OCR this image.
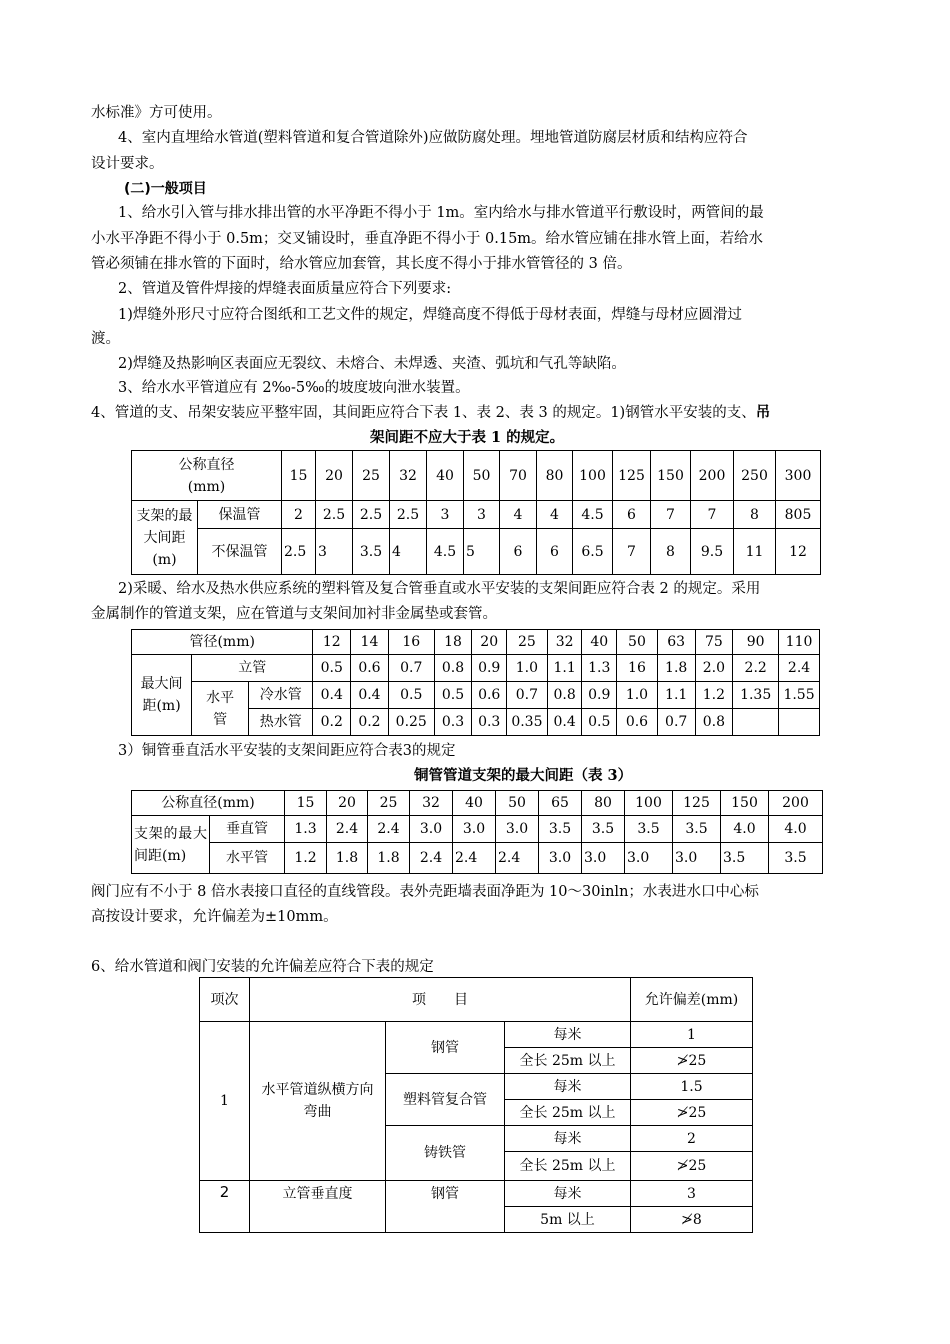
水标准》方可使用。
4、室内直埋给水管道(塑料管道和复合管道除外)应做防腐处理。埋地管道防腐层材质和结构应符合
设计要求。
(二)一般项目
1、给水引入管与排水排出管的水平净距不得小于 1m。室内给水与排水管道平行敷设时，两管间的最
小水平净距不得小于 0.5m；交叉铺设时，垂直净距不得小于 0.15m。给水管应铺在排水管上面，若给水
管必须铺在排水管的下面时，给水管应加套管，其长度不得小于排水管管径的 3 倍。
2、管道及管件焊接的焊缝表面质量应符合下列要求:
1)焊缝外形尺寸应符合图纸和工艺文件的规定，焊缝高度不得低于母材表面，焊缝与母材应圆滑过
渡。
2)焊缝及热影响区表面应无裂纹、未熔合、未焊透、夹渣、弧坑和气孔等缺陷。
3、给水水平管道应有 2‰-5‰的坡度坡向泄水装置。
4、管道的支、吊架安装应平整牢固，其间距应符合下表 1、表 2、表 3 的规定。1)钢管水平安装的支、吊
架间距不应大于表 1 的规定。
公称直径
(mm)		15	20	25	32	40	50	70	80	100	125	150	200	250	300
支架的最大间距(m)	保温管	2	2.5	2.5	2.5	3	3	4	4	4.5	6	7	7	8	805
	不保温管	2.5	3	3.5	4	4.5	5	6	6	6.5	7	8	9.5	11	12
2)采暖、给水及热水供应系统的塑料管及复合管垂直或水平安装的支架间距应符合表 2 的规定。采用
金属制作的管道支架，应在管道与支架间加衬非金属垫或套管。
管径(mm)			12	14	16	18	20	25	32	40	50	63	75	90	110
最大间距(m)	立管		0.5	0.6	0.7	0.8	0.9	1.0	1.1	1.3	16	1.8	2.0	2.2	2.4
	水平管	冷水管	0.4	0.4	0.5	0.5	0.6	0.7	0.8	0.9	1.0	1.1	1.2	1.35	1.55
		热水管	0.2	0.2	0.25	0.3	0.3	0.35	0.4	0.5	0.6	0.7	0.8		
3）铜管垂直活水平安装的支架间距应符合表3的规定
铜管管道支架的最大间距（表 3）
公称直径(mm)		15	20	25	32	40	50	65	80	100	125	150	200
支架的最大间距(m)	垂直管	1.3	2.4	2.4	3.0	3.0	3.0	3.5	3.5	3.5	3.5	4.0	4.0
	水平管	1.2	1.8	1.8	2.4	2.4	2.4	3.0	3.0	3.0	3.0	3.5	3.5
阀门应有不小于 8 倍水表接口直径的直线管段。表外壳距墙表面净距为 10～30inln；水表进水口中心标
高按设计要求，允许偏差为±10mm。
6、给水管道和阀门安装的允许偏差应符合下表的规定
项次	项　　目			允许偏差(mm)
1	水平管道纵横方向弯曲	钢管	每米	1
			全长 25m 以上	≯25
		塑料管复合管	每米	1.5
			全长 25m 以上	≯25
		铸铁管	每米	2
			全长 25m 以上	≯25
2	立管垂直度	钢管	每米	3
			5m 以上	≯8
